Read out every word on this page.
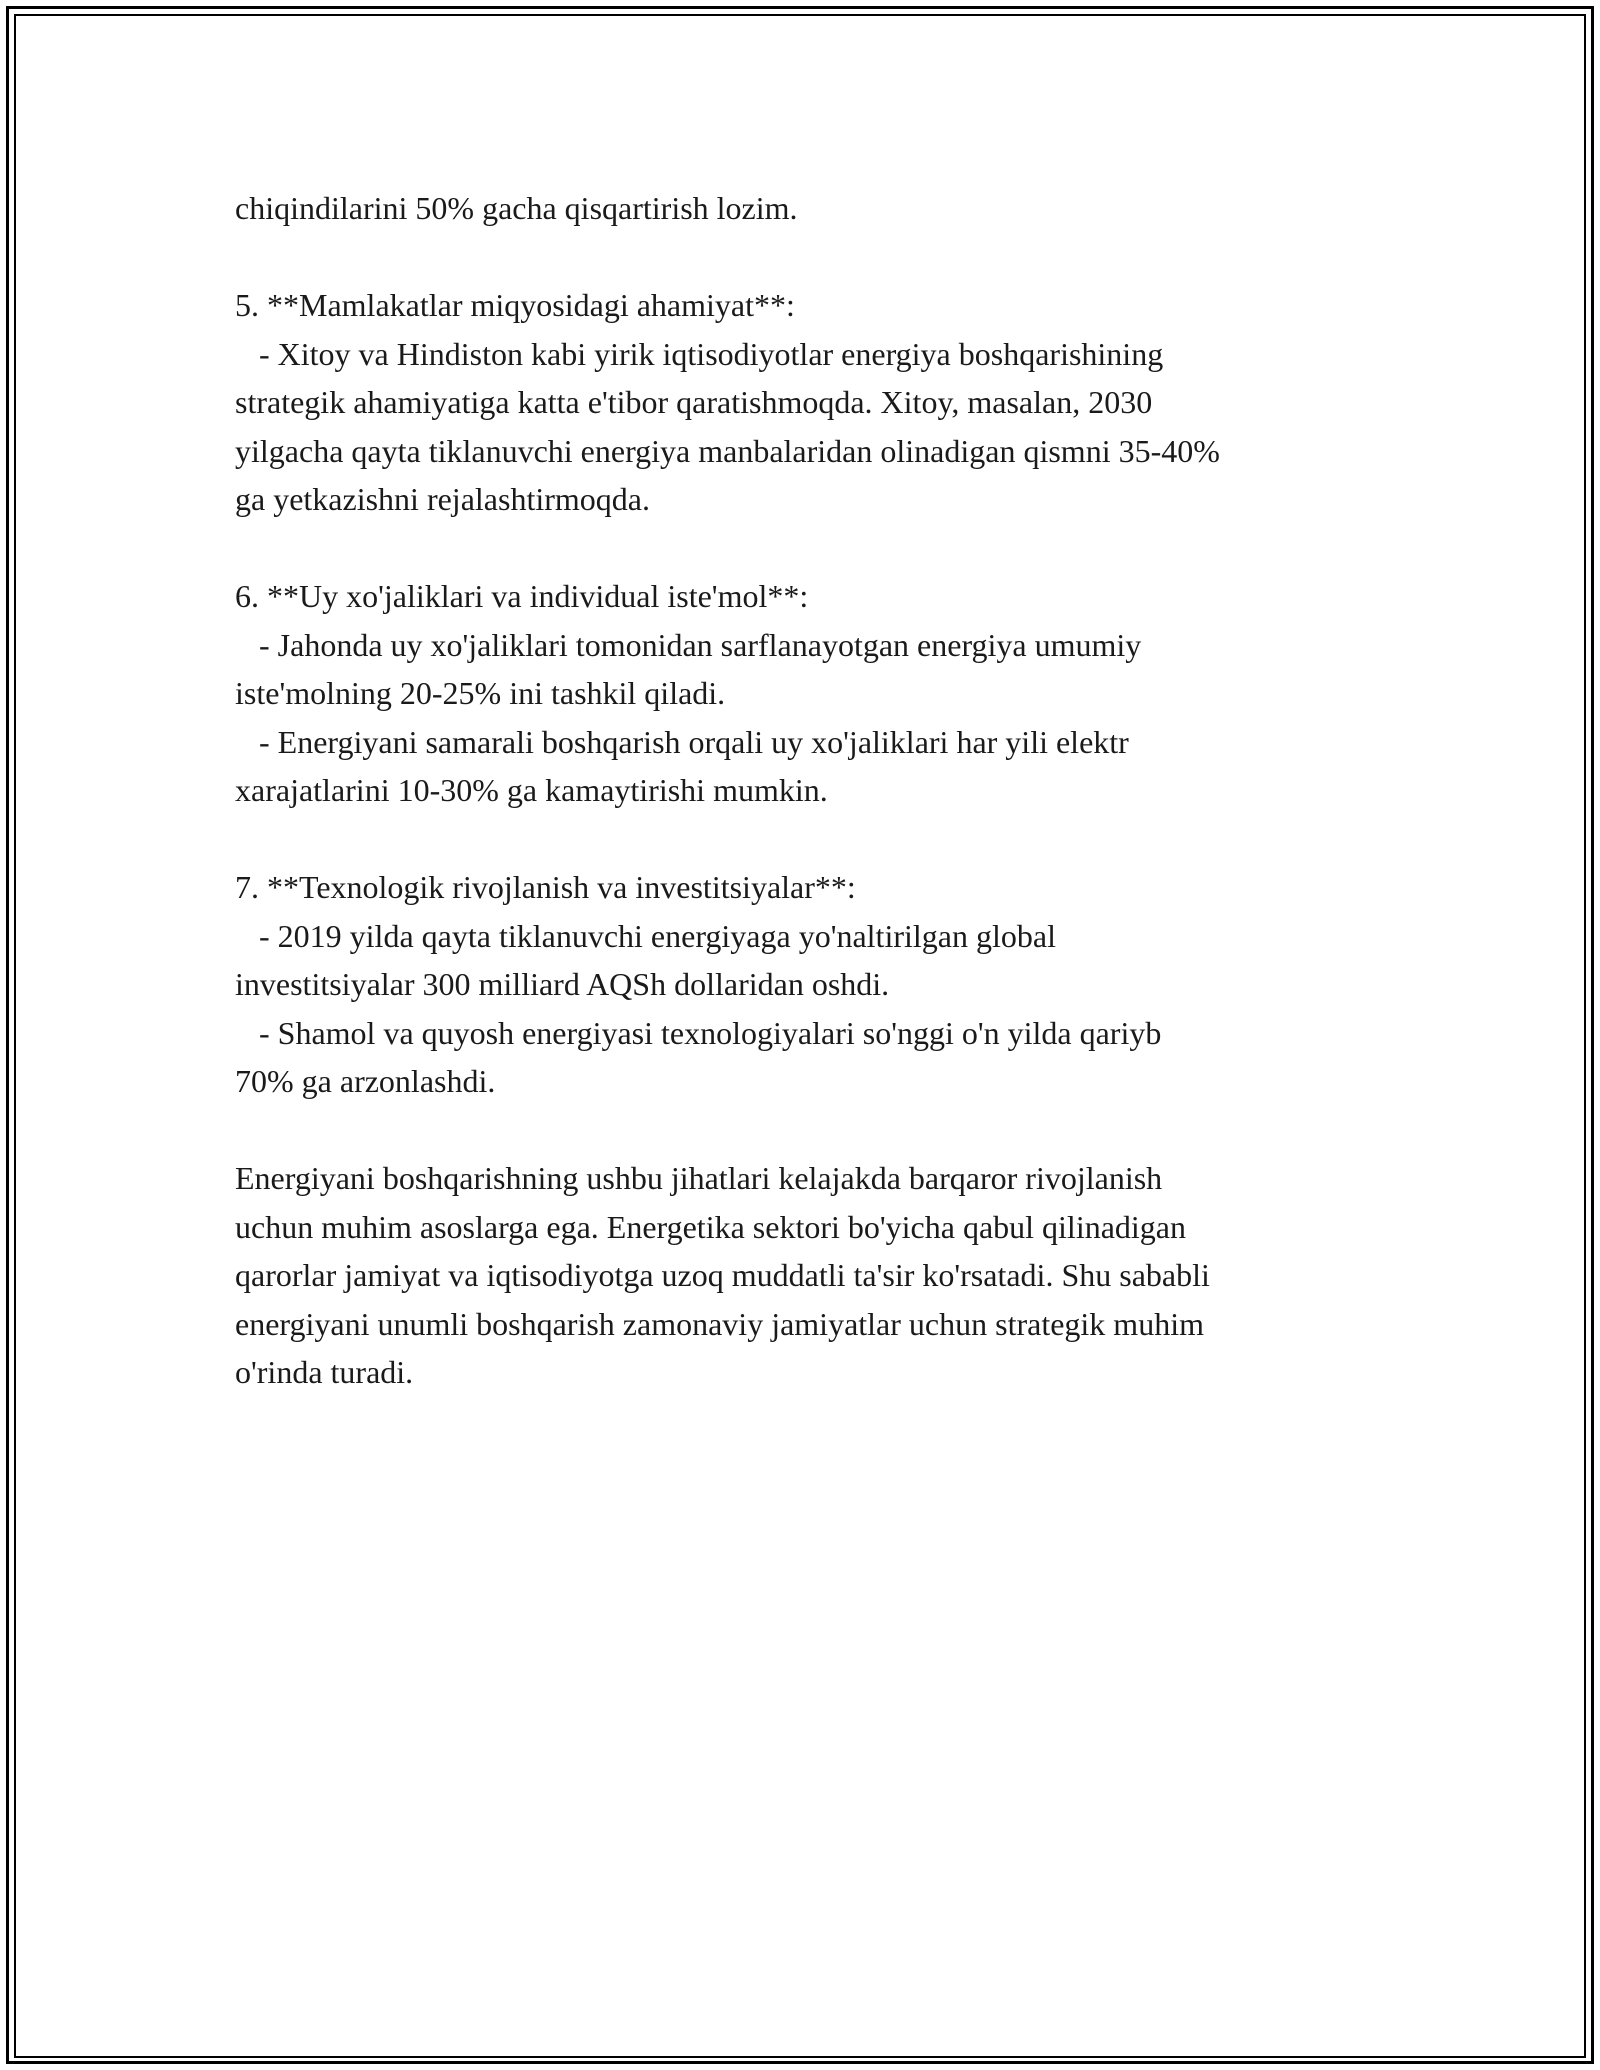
chiqindilarini 50% gacha qisqartirish lozim.
5. **Mamlakatlar miqyosidagi ahamiyat**:
- Xitoy va Hindiston kabi yirik iqtisodiyotlar energiya boshqarishining
strategik ahamiyatiga katta e'tibor qaratishmoqda. Xitoy, masalan, 2030
yilgacha qayta tiklanuvchi energiya manbalaridan olinadigan qismni 35-40%
ga yetkazishni rejalashtirmoqda.
6. **Uy xo'jaliklari va individual iste'mol**:
- Jahonda uy xo'jaliklari tomonidan sarflanayotgan energiya umumiy
iste'molning 20-25% ini tashkil qiladi.
- Energiyani samarali boshqarish orqali uy xo'jaliklari har yili elektr
xarajatlarini 10-30% ga kamaytirishi mumkin.
7. **Texnologik rivojlanish va investitsiyalar**:
- 2019 yilda qayta tiklanuvchi energiyaga yo'naltirilgan global
investitsiyalar 300 milliard AQSh dollaridan oshdi.
- Shamol va quyosh energiyasi texnologiyalari so'nggi o'n yilda qariyb
70% ga arzonlashdi.
Energiyani boshqarishning ushbu jihatlari kelajakda barqaror rivojlanish
uchun muhim asoslarga ega. Energetika sektori bo'yicha qabul qilinadigan
qarorlar jamiyat va iqtisodiyotga uzoq muddatli ta'sir ko'rsatadi. Shu sababli
energiyani unumli boshqarish zamonaviy jamiyatlar uchun strategik muhim
o'rinda turadi.
